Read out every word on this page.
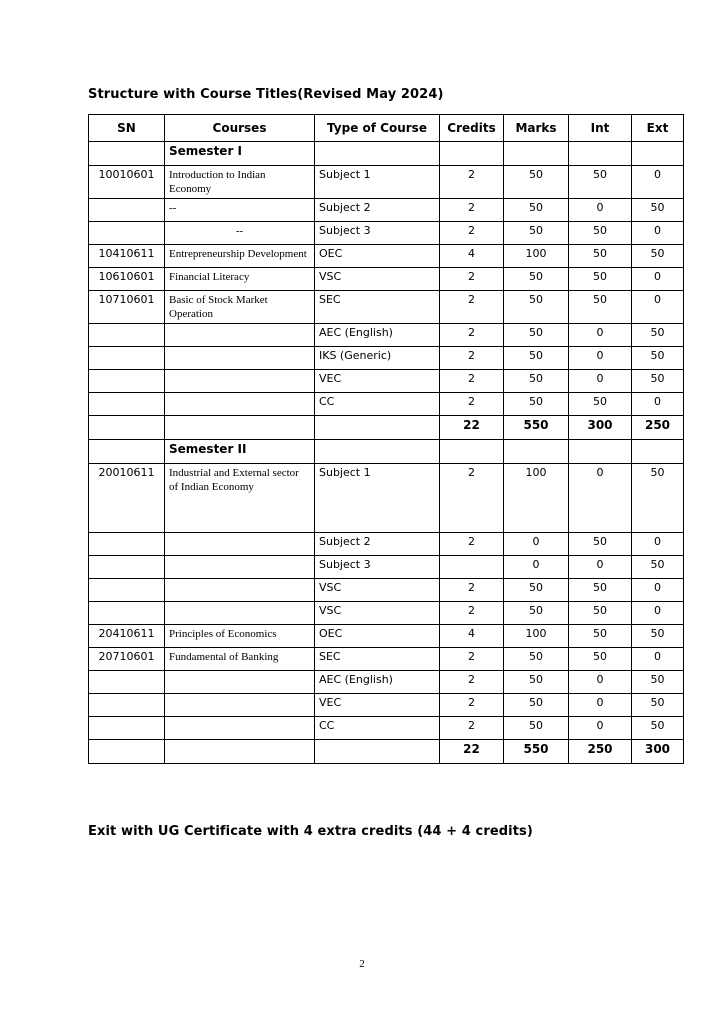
Structure with Course Titles(Revised May 2024)
SN	Courses	Type of Course	Credits	Marks	Int	Ext
	Semester I					
10010601	Introduction to Indian Economy	Subject 1	2	50	50	0
	--	Subject 2	2	50	0	50
	--	Subject 3	2	50	50	0
10410611	Entrepreneurship Development	OEC	4	100	50	50
10610601	Financial Literacy	VSC	2	50	50	0
10710601	Basic of Stock Market Operation	SEC	2	50	50	0
		AEC (English)	2	50	0	50
		IKS (Generic)	2	50	0	50
		VEC	2	50	0	50
		CC	2	50	50	0
			22	550	300	250
	Semester II					
20010611	Industrial and External sector of Indian Economy	Subject 1	2	100	0	50
		Subject 2	2	0	50	0
		Subject 3		0	0	50
		VSC	2	50	50	0
		VSC	2	50	50	0
20410611	Principles of Economics	OEC	4	100	50	50
20710601	Fundamental of Banking	SEC	2	50	50	0
		AEC (English)	2	50	0	50
		VEC	2	50	0	50
		CC	2	50	0	50
			22	550	250	300
Exit with UG Certificate with 4 extra credits (44 + 4 credits)
2
